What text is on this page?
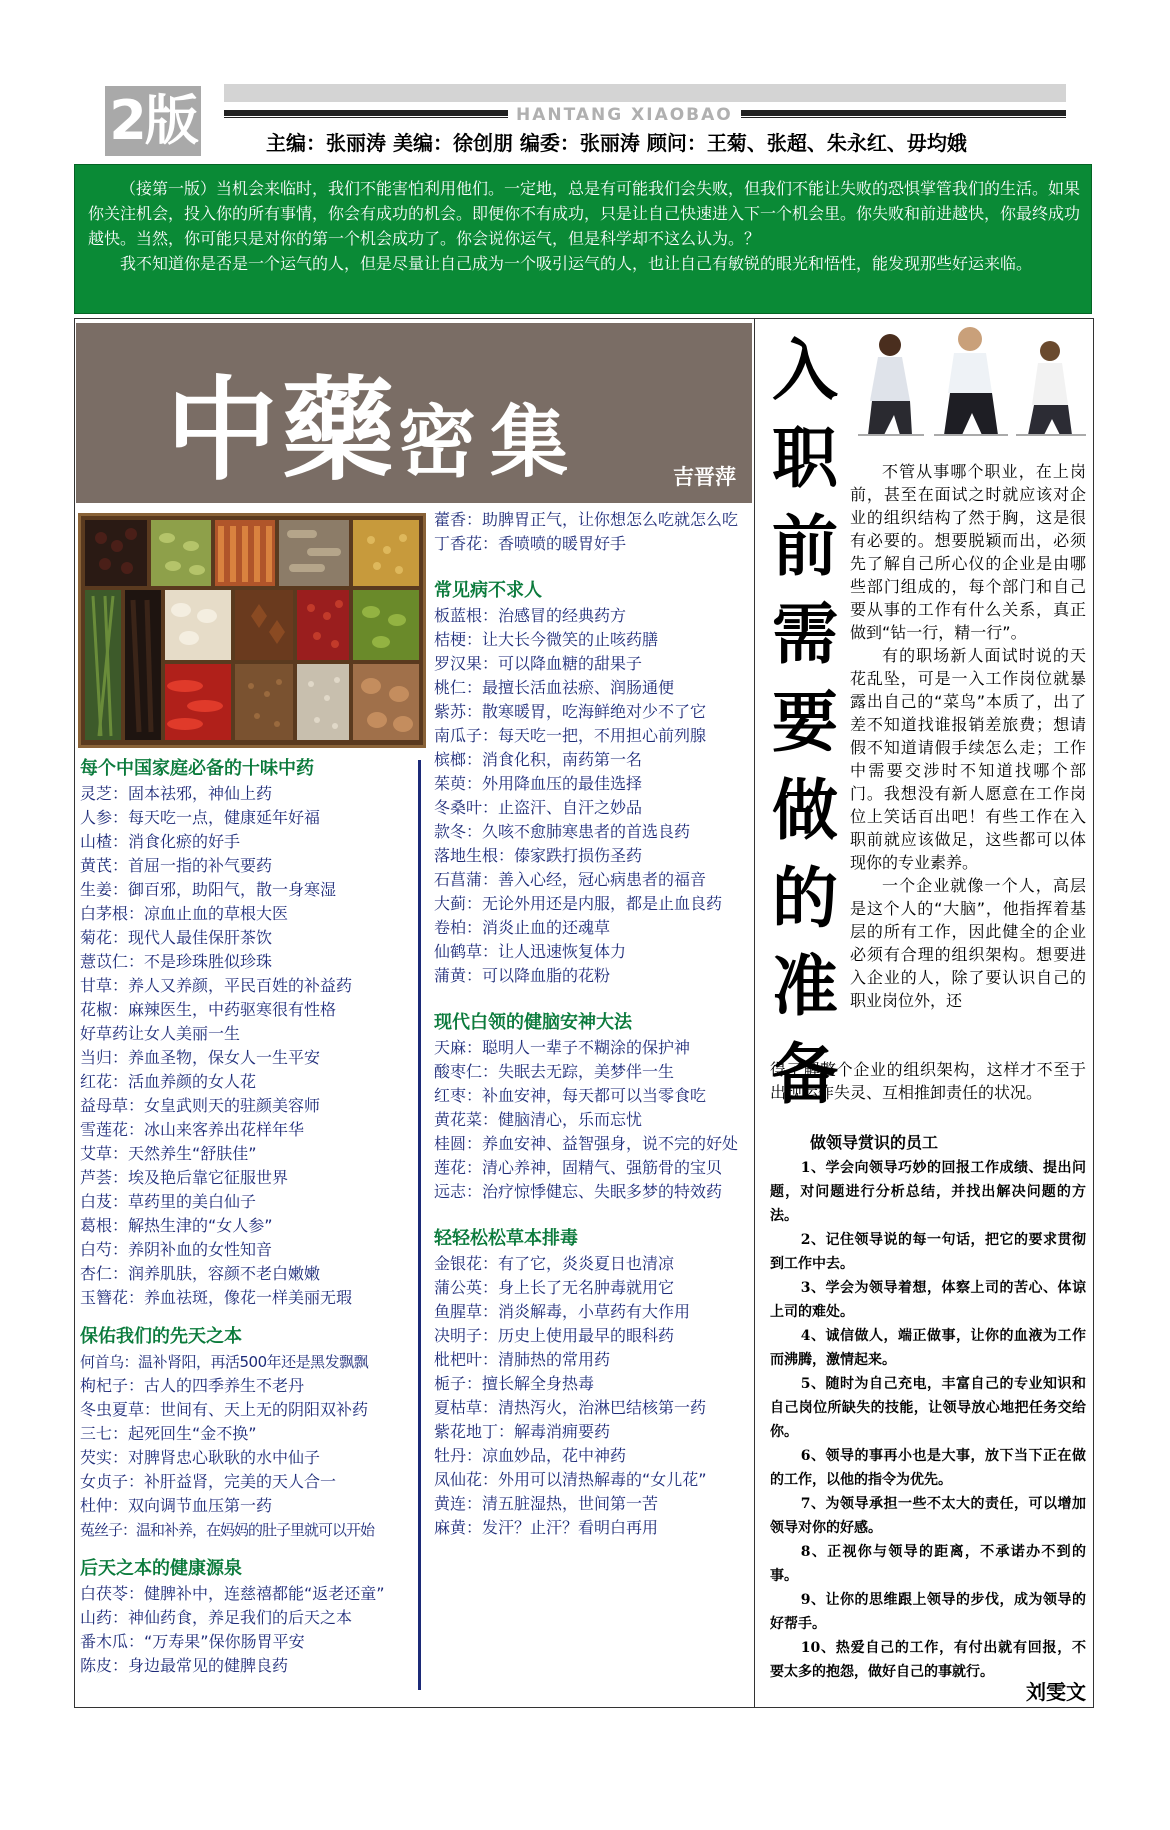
2版	HANTANG XIAOBAO
主编：张丽涛 美编：徐创朋 编委：张丽涛 顾问：王菊、张超、朱永红、毋均娥

（接第一版）当机会来临时，我们不能害怕利用他们。一定地，总是有可能我们会失败，但我们不能让失败的恐惧掌管我们的生活。如果你关注机会，投入你的所有事情，你会有成功的机会。即便你不有成功，只是让自己快速进入下一个机会里。你失败和前进越快，你最终成功越快。当然，你可能只是对你的第一个机会成功了。你会说你运气，但是科学却不这么认为。？

我不知道你是否是一个运气的人，但是尽量让自己成为一个吸引运气的人，也让自己有敏锐的眼光和悟性，能发现那些好运来临。

中藥密集	吉晋萍
每个中国家庭必备的十味中药

灵芝：固本祛邪，神仙上药

人参：每天吃一点，健康延年好福

山楂：消食化瘀的好手

黄芪：首屈一指的补气要药

生姜：御百邪，助阳气，散一身寒湿

白茅根：凉血止血的草根大医

菊花：现代人最佳保肝茶饮

薏苡仁：不是珍珠胜似珍珠

甘草：养人又养颜，平民百姓的补益药

花椒：麻辣医生，中药驱寒很有性格

好草药让女人美丽一生

当归：养血圣物，保女人一生平安

红花：活血养颜的女人花

益母草：女皇武则天的驻颜美容师

雪莲花：冰山来客养出花样年华

艾草：天然养生“舒肤佳”

芦荟：埃及艳后靠它征服世界

白芨：草药里的美白仙子

葛根：解热生津的“女人参”

白芍：养阴补血的女性知音

杏仁：润养肌肤，容颜不老白嫩嫩

玉簪花：养血祛斑，像花一样美丽无瑕

保佑我们的先天之本

何首乌：温补肾阳，再活500年还是黑发飘飘

枸杞子：古人的四季养生不老丹

冬虫夏草：世间有、天上无的阴阳双补药

三七：起死回生“金不换”

芡实：对脾肾忠心耿耿的水中仙子

女贞子：补肝益肾，完美的天人合一

杜仲：双向调节血压第一药

菟丝子：温和补养，在妈妈的肚子里就可以开始

后天之本的健康源泉

白茯苓：健脾补中，连慈禧都能“返老还童”

山药：神仙药食，养足我们的后天之本

番木瓜：“万寿果”保你肠胃平安

陈皮：身边最常见的健脾良药

藿香：助脾胃正气，让你想怎么吃就怎么吃

丁香花：香喷喷的暖胃好手

常见病不求人

板蓝根：治感冒的经典药方

桔梗：让大长今微笑的止咳药膳

罗汉果：可以降血糖的甜果子

桃仁：最擅长活血祛瘀、润肠通便

紫苏：散寒暖胃，吃海鲜绝对少不了它

南瓜子：每天吃一把，不用担心前列腺

槟榔：消食化积，南药第一名

茱萸：外用降血压的最佳选择

冬桑叶：止盗汗、自汗之妙品

款冬：久咳不愈肺寒患者的首选良药

落地生根：傣家跌打损伤圣药

石菖蒲：善入心经，冠心病患者的福音

大蓟：无论外用还是内服，都是止血良药

卷柏：消炎止血的还魂草

仙鹤草：让人迅速恢复体力

蒲黄：可以降血脂的花粉

现代白领的健脑安神大法

天麻：聪明人一辈子不糊涂的保护神

酸枣仁：失眠去无踪，美梦伴一生

红枣：补血安神，每天都可以当零食吃

黄花菜：健脑清心，乐而忘忧

桂圆：养血安神、益智强身，说不完的好处

莲花：清心养神，固精气、强筋骨的宝贝

远志：治疗惊悸健忘、失眠多梦的特效药

轻轻松松草本排毒

金银花：有了它，炎炎夏日也清凉

蒲公英：身上长了无名肿毒就用它

鱼腥草：消炎解毒，小草药有大作用

决明子：历史上使用最早的眼科药

枇杷叶：清肺热的常用药

栀子：擅长解全身热毒

夏枯草：清热泻火，治淋巴结核第一药

紫花地丁：解毒消痈要药

牡丹：凉血妙品，花中神药

凤仙花：外用可以清热解毒的“女儿花”

黄连：清五脏湿热，世间第一苦

麻黄：发汗？止汗？看明白再用

入
职
前
需
要
做
的
准
备

不管从事哪个职业，在上岗前，甚至在面试之时就应该对企业的组织结构了然于胸，这是很有必要的。想要脱颖而出，必须先了解自己所心仪的企业是由哪些部门组成的，每个部门和自己要从事的工作有什么关系，真正做到“钻一行，精一行”。

有的职场新人面试时说的天花乱坠，可是一入工作岗位就暴露出自己的“菜鸟”本质了，出了差不知道找谁报销差旅费；想请假不知道请假手续怎么走；工作中需要交涉时不知道找哪个部门。我想没有新人愿意在工作岗位上笑话百出吧！有些工作在入职前就应该做足，这些都可以体现你的专业素养。

一个企业就像一个人，高层是这个人的“大脑”，他指挥着基层的所有工作，因此健全的企业必须有合理的组织架构。想要进入企业的人，除了要认识自己的职业岗位外，还

得了解整个企业的组织架构，这样才不至于出现运作失灵、互相推卸责任的状况。

做领导赏识的员工

1、学会向领导巧妙的回报工作成绩、提出问题，对问题进行分析总结，并找出解决问题的方法。

2、记住领导说的每一句话，把它的要求贯彻到工作中去。

3、学会为领导着想，体察上司的苦心、体谅上司的难处。

4、诚信做人，端正做事，让你的血液为工作而沸腾，激情起来。

5、随时为自己充电，丰富自己的专业知识和自己岗位所缺失的技能，让领导放心地把任务交给你。

6、领导的事再小也是大事，放下当下正在做的工作，以他的指令为优先。

7、为领导承担一些不太大的责任，可以增加领导对你的好感。

8、正视你与领导的距离，不承诺办不到的事。

9、让你的思维跟上领导的步伐，成为领导的好帮手。

10、热爱自己的工作，有付出就有回报，不要太多的抱怨，做好自己的事就行。

刘雯文
